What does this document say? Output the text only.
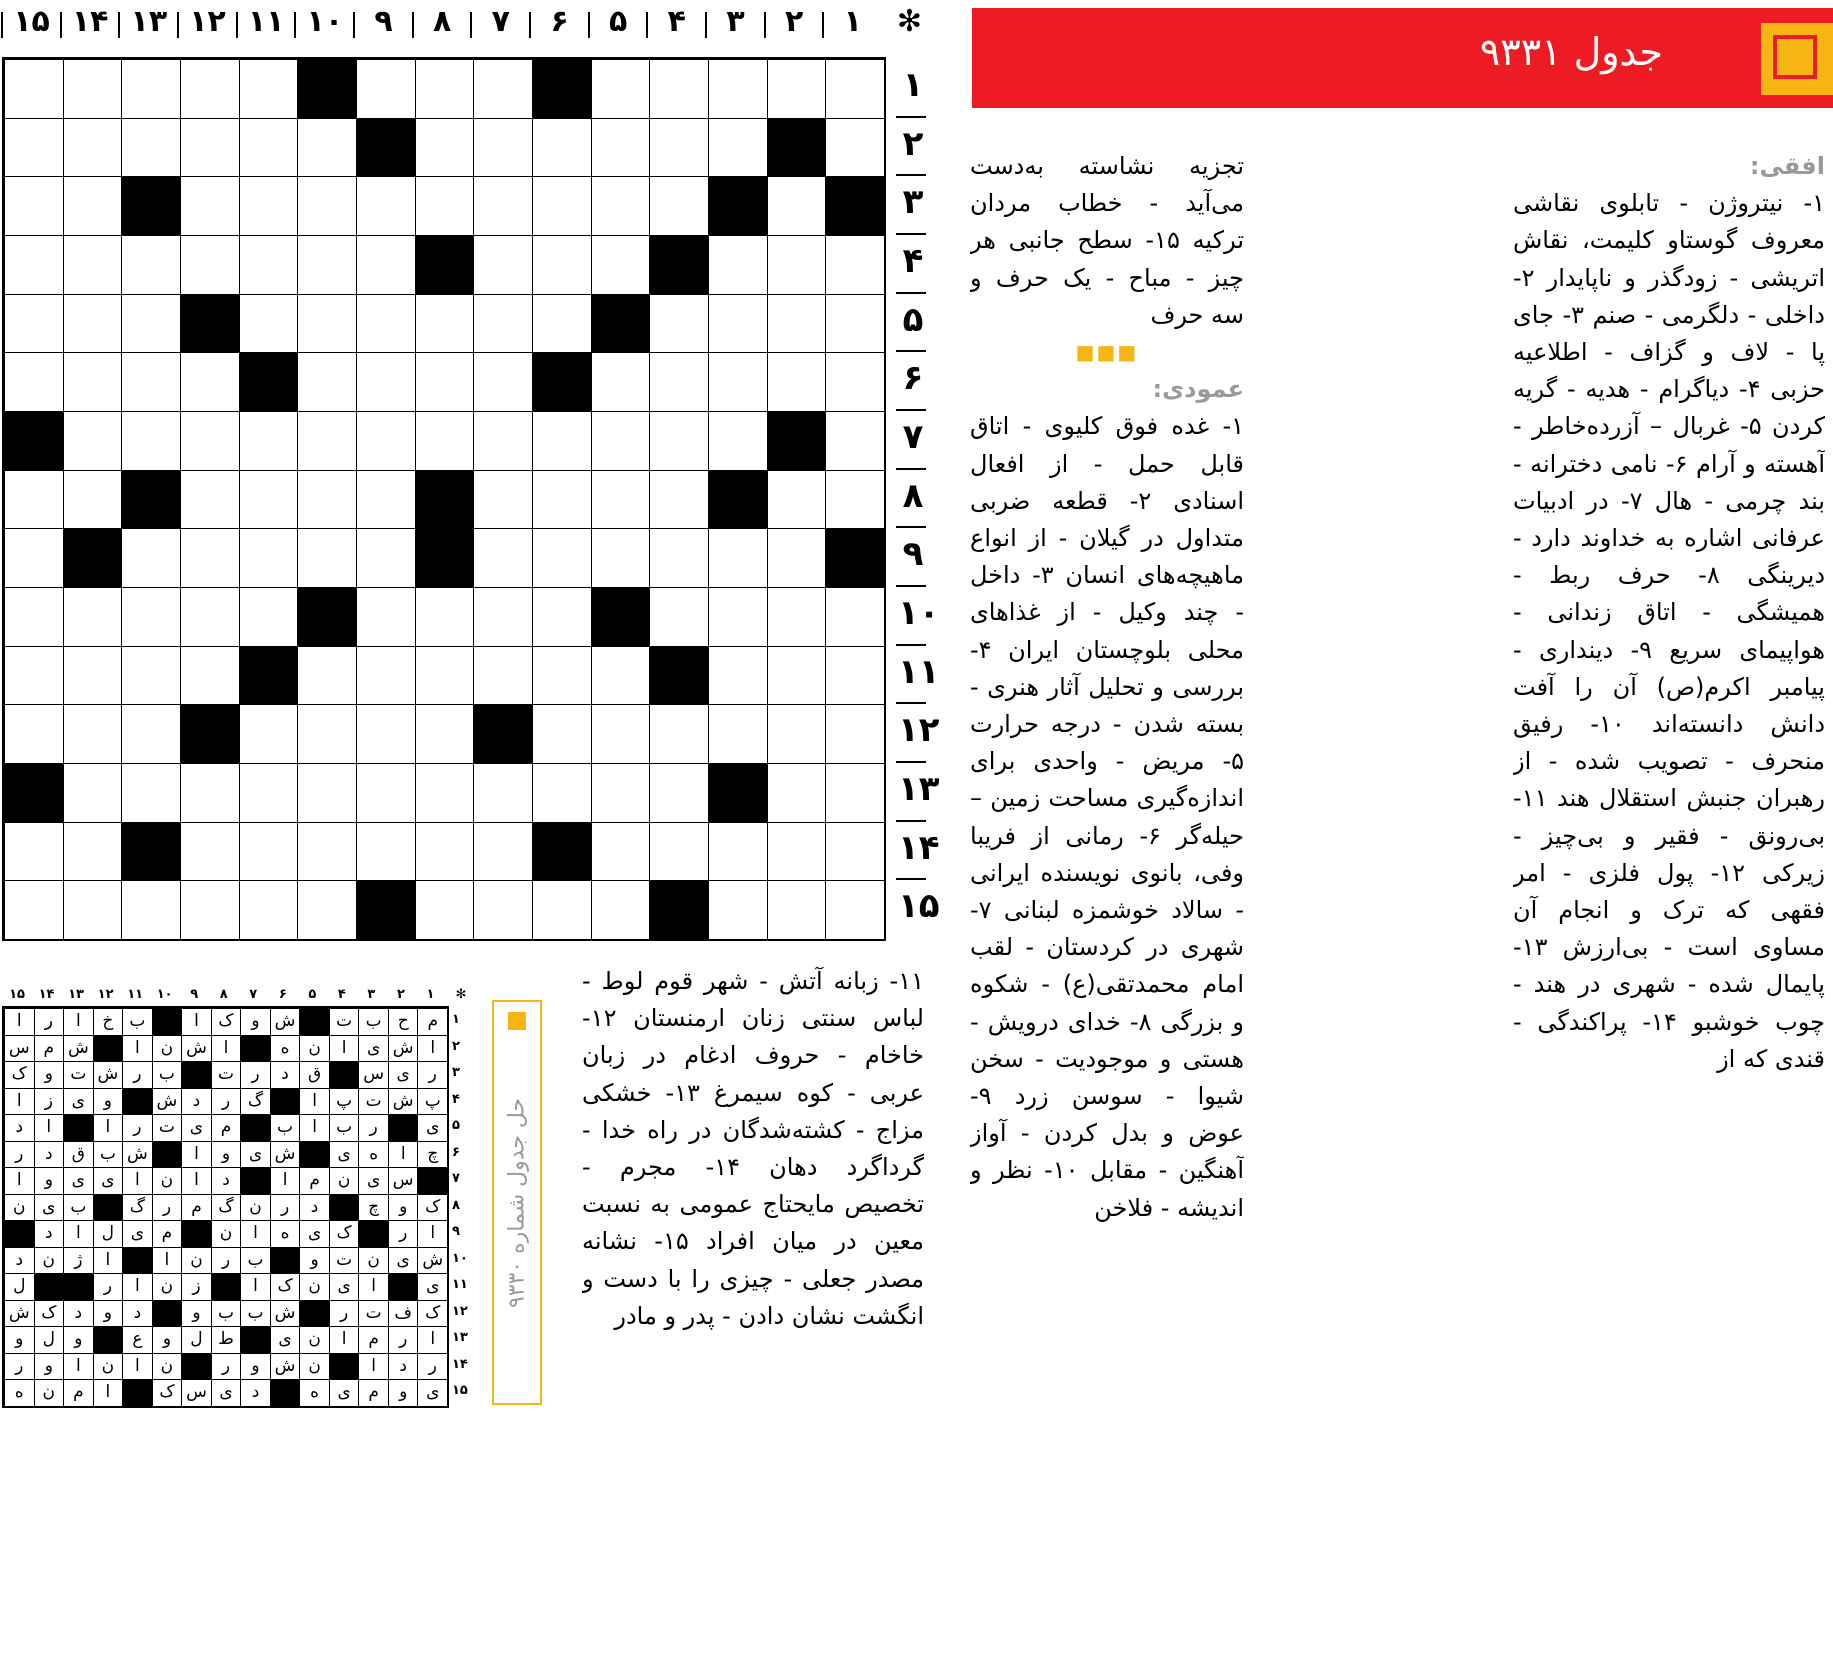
✻
۱
۲
۳
۴
۵
۶
۷
۸
۹
۱۰
۱۱
۱۲
۱۳
۱۴
۱۵
۱
۲
۳
۴
۵
۶
۷
۸
۹
۱۰
۱۱
۱۲
۱۳
۱۴
۱۵
جدول ۹۳۳۱

افقی:

۱- نیتروژن - تابلوی نقاشی معروف گوستاو کلیمت، نقاش اتریشی - زودگذر و ناپایدار ۲- داخلی - دلگرمی - صنم ۳- جای پا - لاف و گزاف - اطلاعیه حزبی ۴- دیاگرام - هدیه - گریه کردن ۵- غربال – آزرده‌خاطر - آهسته و آرام ۶- نامی دخترانه - بند چرمی - هال ۷- در ادبیات عرفانی اشاره به خداوند دارد - دیرینگی ۸- حرف ربط - همیشگی - اتاق زندانی - هواپیمای سریع ۹- دینداری - پیامبر اکرم(ص) آن را آفت دانش دانسته‌اند ۱۰- رفیق منحرف - تصویب شده - از رهبران جنبش استقلال هند ۱۱- بی‌رونق - فقیر و بی‌چیز - زیرکی ۱۲- پول فلزی - امر فقهی که ترک و انجام آن مساوی است - بی‌ارزش ۱۳- پایمال شده - شهری در هند - چوب خوشبو ۱۴- پراکندگی - قندی که از

تجزیه نشاسته به‌دست می‌آید - خطاب مردان ترکیه ۱۵- سطح جانبی هر چیز - مباح - یک حرف و سه حرف

■■■

عمودی:

۱- غده فوق کلیوی - اتاق قابل حمل - از افعال اسنادی ۲- قطعه ضربی متداول در گیلان - از انواع ماهیچه‌های انسان ۳- داخل - چند وکیل - از غذاهای محلی بلوچستان ایران ۴- بررسی و تحلیل آثار هنری - بسته شدن - درجه حرارت ۵- مریض - واحدی برای اندازه‌گیری مساحت زمین – حیله‌گر ۶- رمانی از فریبا وفی، بانوی نویسنده ایرانی - سالاد خوشمزه لبنانی ۷- شهری در کردستان - لقب امام محمدتقی(ع) - شکوه و بزرگی ۸- خدای درویش - هستی و موجودیت - سخن شیوا - سوسن زرد ۹- عوض و بدل کردن - آواز آهنگین - مقابل ۱۰- نظر و اندیشه - فلاخن

۱۱- زبانه آتش - شهر قوم لوط - لباس سنتی زنان ارمنستان ۱۲- خاخام - حروف ادغام در زبان عربی - کوه سیمرغ ۱۳- خشکی مزاج - کشته‌شدگان در راه خدا - گرداگرد دهان ۱۴- مجرم - تخصیص مایحتاج عمومی به نسبت معین در میان افراد ۱۵- نشانه مصدر جعلی - چیزی را با دست و انگشت نشان دادن - پدر و مادر

✻
۱
۲
۳
۴
۵
۶
۷
۸
۹
۱۰
۱۱
۱۲
۱۳
۱۴
۱۵
م
ح
ب
ت
ش
و
ک
ا
ب
خ
ا
ر
ا
ا
ش
ی
ا
ن
ه
ا
ش
ن
ا
ش
م
س
ر
ی
س
ق
د
ر
ت
ب
ر
ش
ت
و
ک
پ
ش
ت
پ
ا
گ
ر
د
ش
و
ی
ز
ا
ی
ر
ب
ا
ب
م
ی
ت
ر
ا
ا
د
چ
ا
ه
ی
ش
ی
و
ا
ش
ب
ق
د
ر
س
ی
ن
م
ا
د
ا
ن
ا
ی
ی
و
ا
ک
و
چ
د
ر
ن
گ
م
ر
گ
ب
ی
ن
ا
ر
ک
ی
ه
ا
ن
م
ی
ل
ا
د
ش
ی
ن
ت
و
ب
ر
ن
ا
ا
ژ
ن
د
ی
ا
ی
ن
ک
ا
ز
ن
ا
ر
ل
ک
ف
ت
ر
ش
ب
ب
و
د
و
د
ک
ش
ا
ر
م
ا
ن
ی
ط
ل
و
ع
و
ل
و
ر
د
ا
ن
ش
و
ر
ن
ا
ن
ا
و
ر
ی
و
م
ی
ه
د
ی
س
ک
ا
م
ن
ه
۱
۲
۳
۴
۵
۶
۷
۸
۹
۱۰
۱۱
۱۲
۱۳
۱۴
۱۵
حل جدول شماره ۹۳۳۰
